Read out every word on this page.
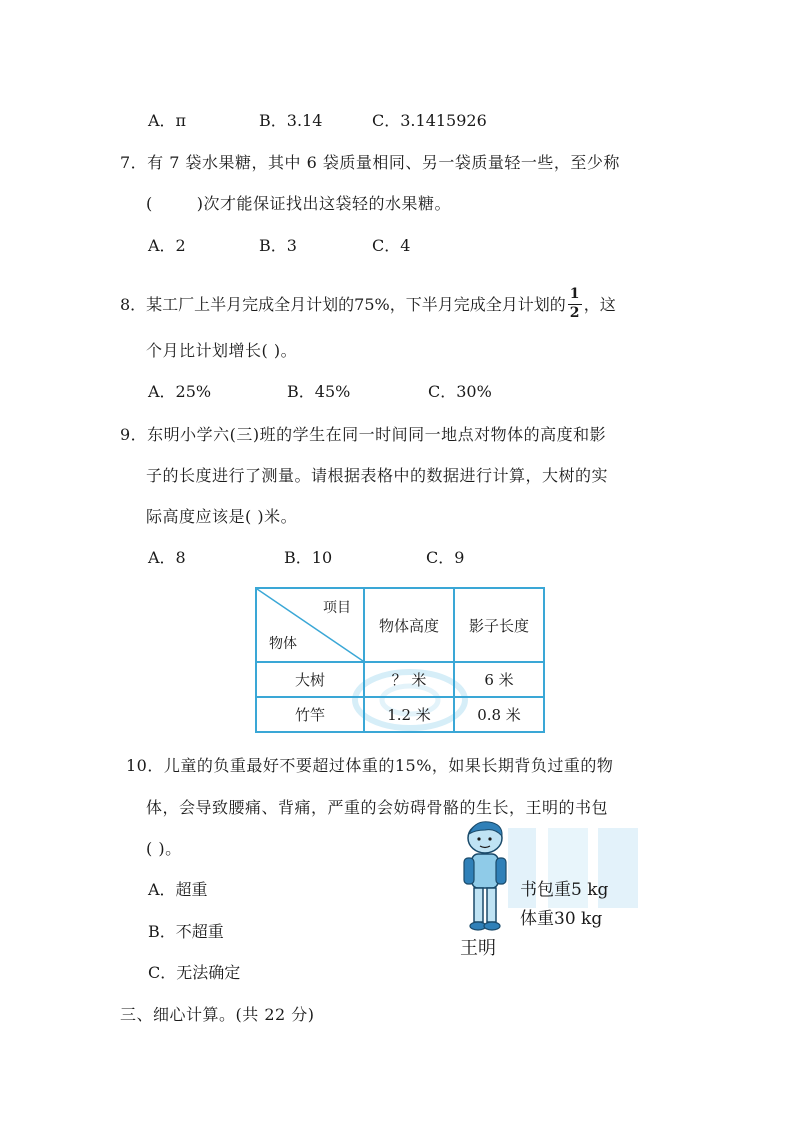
A．π	B．3.14	C．3.1415926
7．有 7 袋水果糖，其中 6 袋质量相同、另一袋质量轻一些，至少称
(	)次才能保证找出这袋轻的水果糖。
A．2	B．3	C．4
8．某工厂上半月完成全月计划的75%，下半月完成全月计划的 $\frac{1}{2}$ ，这
个月比计划增长( )。
A．25%	B．45%	C．30%
9．东明小学六(三)班的学生在同一时间同一地点对物体的高度和影
子的长度进行了测量。请根据表格中的数据进行计算，大树的实
际高度应该是( )米。
A．8	B．10	C．9
项目
物体	物体高度	影子长度
大树	？ 米	6 米
竹竿	1.2 米	0.8 米
10．儿童的负重最好不要超过体重的15%，如果长期背负过重的物
体，会导致腰痛、背痛，严重的会妨碍骨骼的生长，王明的书包
( )。
A．超重
B．不超重
C．无法确定
书包重5 kg
体重30 kg
王明
三、细心计算。(共 22 分)
